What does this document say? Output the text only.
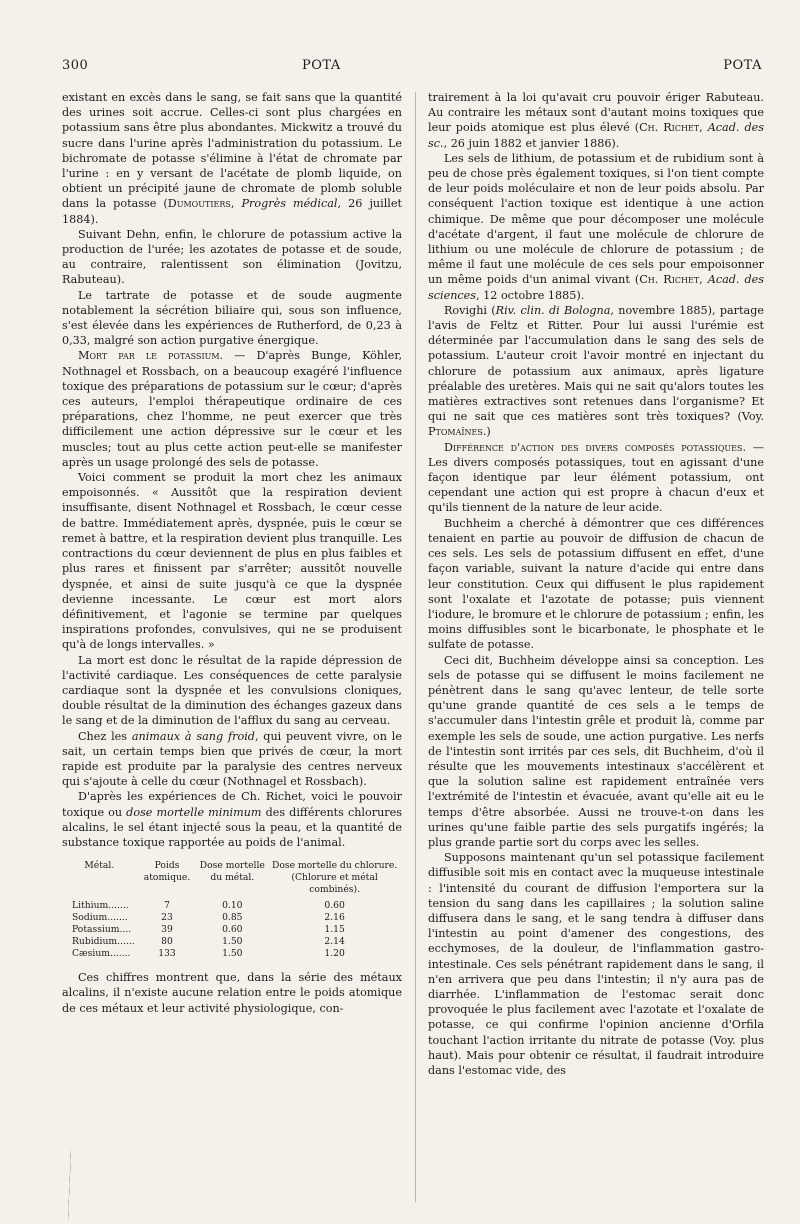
300	POTA	POTA

existant en excès dans le sang, se fait sans que la quantité des urines soit accrue. Celles-ci sont plus chargées en potassium sans être plus abondantes. Mickwitz a trouvé du sucre dans l'urine après l'administration du potassium. Le bichromate de potasse s'élimine à l'état de chromate par l'urine : en y versant de l'acétate de plomb liquide, on obtient un précipité jaune de chromate de plomb soluble dans la potasse (Dumoutiers, Progrès médical, 26 juillet 1884).

Suivant Dehn, enfin, le chlorure de potassium active la production de l'urée; les azotates de potasse et de soude, au contraire, ralentissent son élimination (Jovitzu, Rabuteau).

Le tartrate de potasse et de soude augmente notablement la sécrétion biliaire qui, sous son influence, s'est élevée dans les expériences de Rutherford, de 0,23 à 0,33, malgré son action purgative énergique.

Mort par le potassium. — D'après Bunge, Köhler, Nothnagel et Rossbach, on a beaucoup exagéré l'influence toxique des préparations de potassium sur le cœur; d'après ces auteurs, l'emploi thérapeutique ordinaire de ces préparations, chez l'homme, ne peut exercer que très difficilement une action dépressive sur le cœur et les muscles; tout au plus cette action peut-elle se manifester après un usage prolongé des sels de potasse.

Voici comment se produit la mort chez les animaux empoisonnés. « Aussitôt que la respiration devient insuffisante, disent Nothnagel et Rossbach, le cœur cesse de battre. Immédiatement après, dyspnée, puis le cœur se remet à battre, et la respiration devient plus tranquille. Les contractions du cœur deviennent de plus en plus faibles et plus rares et finissent par s'arrêter; aussitôt nouvelle dyspnée, et ainsi de suite jusqu'à ce que la dyspnée devienne incessante. Le cœur est mort alors définitivement, et l'agonie se termine par quelques inspirations profondes, convulsives, qui ne se produisent qu'à de longs intervalles. »

La mort est donc le résultat de la rapide dépression de l'activité cardiaque. Les conséquences de cette paralysie cardiaque sont la dyspnée et les convulsions cloniques, double résultat de la diminution des échanges gazeux dans le sang et de la diminution de l'afflux du sang au cerveau.

Chez les animaux à sang froid, qui peuvent vivre, on le sait, un certain temps bien que privés de cœur, la mort rapide est produite par la paralysie des centres nerveux qui s'ajoute à celle du cœur (Nothnagel et Rossbach).

D'après les expériences de Ch. Richet, voici le pouvoir toxique ou dose mortelle minimum des différents chlorures alcalins, le sel étant injecté sous la peau, et la quantité de substance toxique rapportée au poids de l'animal.

Métal.	Poids atomique.	Dose mortelle du métal.	Dose mortelle du chlorure. (Chlorure et métal combinés).
Lithium.......	7	0.10	0.60
Sodium.......	23	0.85	2.16
Potassium....	39	0.60	1.15
Rubidium......	80	1.50	2.14
Cæsium.......	133	1.50	1.20

Ces chiffres montrent que, dans la série des métaux alcalins, il n'existe aucune relation entre le poids atomique de ces métaux et leur activité physiologique, con-

trairement à la loi qu'avait cru pouvoir ériger Rabuteau. Au contraire les métaux sont d'autant moins toxiques que leur poids atomique est plus élevé (Ch. Richet, Acad. des sc., 26 juin 1882 et janvier 1886).

Les sels de lithium, de potassium et de rubidium sont à peu de chose près également toxiques, si l'on tient compte de leur poids moléculaire et non de leur poids absolu. Par conséquent l'action toxique est identique à une action chimique. De même que pour décomposer une molécule d'acétate d'argent, il faut une molécule de chlorure de lithium ou une molécule de chlorure de potassium ; de même il faut une molécule de ces sels pour empoisonner un même poids d'un animal vivant (Ch. Richet, Acad. des sciences, 12 octobre 1885).

Rovighi (Riv. clin. di Bologna, novembre 1885), partage l'avis de Feltz et Ritter. Pour lui aussi l'urémie est déterminée par l'accumulation dans le sang des sels de potassium. L'auteur croit l'avoir montré en injectant du chlorure de potassium aux animaux, après ligature préalable des uretères. Mais qui ne sait qu'alors toutes les matières extractives sont retenues dans l'organisme? Et qui ne sait que ces matières sont très toxiques? (Voy. Ptomaïnes.)

Différence d'action des divers composés potassiques. — Les divers composés potassiques, tout en agissant d'une façon identique par leur élément potassium, ont cependant une action qui est propre à chacun d'eux et qu'ils tiennent de la nature de leur acide.

Buchheim a cherché à démontrer que ces différences tenaient en partie au pouvoir de diffusion de chacun de ces sels. Les sels de potassium diffusent en effet, d'une façon variable, suivant la nature d'acide qui entre dans leur constitution. Ceux qui diffusent le plus rapidement sont l'oxalate et l'azotate de potasse; puis viennent l'iodure, le bromure et le chlorure de potassium ; enfin, les moins diffusibles sont le bicarbonate, le phosphate et le sulfate de potasse.

Ceci dit, Buchheim développe ainsi sa conception. Les sels de potasse qui se diffusent le moins facilement ne pénètrent dans le sang qu'avec lenteur, de telle sorte qu'une grande quantité de ces sels a le temps de s'accumuler dans l'intestin grêle et produit là, comme par exemple les sels de soude, une action purgative. Les nerfs de l'intestin sont irrités par ces sels, dit Buchheim, d'où il résulte que les mouvements intestinaux s'accélèrent et que la solution saline est rapidement entraînée vers l'extrémité de l'intestin et évacuée, avant qu'elle ait eu le temps d'être absorbée. Aussi ne trouve-t-on dans les urines qu'une faible partie des sels purgatifs ingérés; la plus grande partie sort du corps avec les selles.

Supposons maintenant qu'un sel potassique facilement diffusible soit mis en contact avec la muqueuse intestinale : l'intensité du courant de diffusion l'emportera sur la tension du sang dans les capillaires ; la solution saline diffusera dans le sang, et le sang tendra à diffuser dans l'intestin au point d'amener des congestions, des ecchymoses, de la douleur, de l'inflammation gastro-intestinale. Ces sels pénétrant rapidement dans le sang, il n'en arrivera que peu dans l'intestin; il n'y aura pas de diarrhée. L'inflammation de l'estomac serait donc provoquée le plus facilement avec l'azotate et l'oxalate de potasse, ce qui confirme l'opinion ancienne d'Orfila touchant l'action irritante du nitrate de potasse (Voy. plus haut). Mais pour obtenir ce résultat, il faudrait introduire dans l'estomac vide, des
